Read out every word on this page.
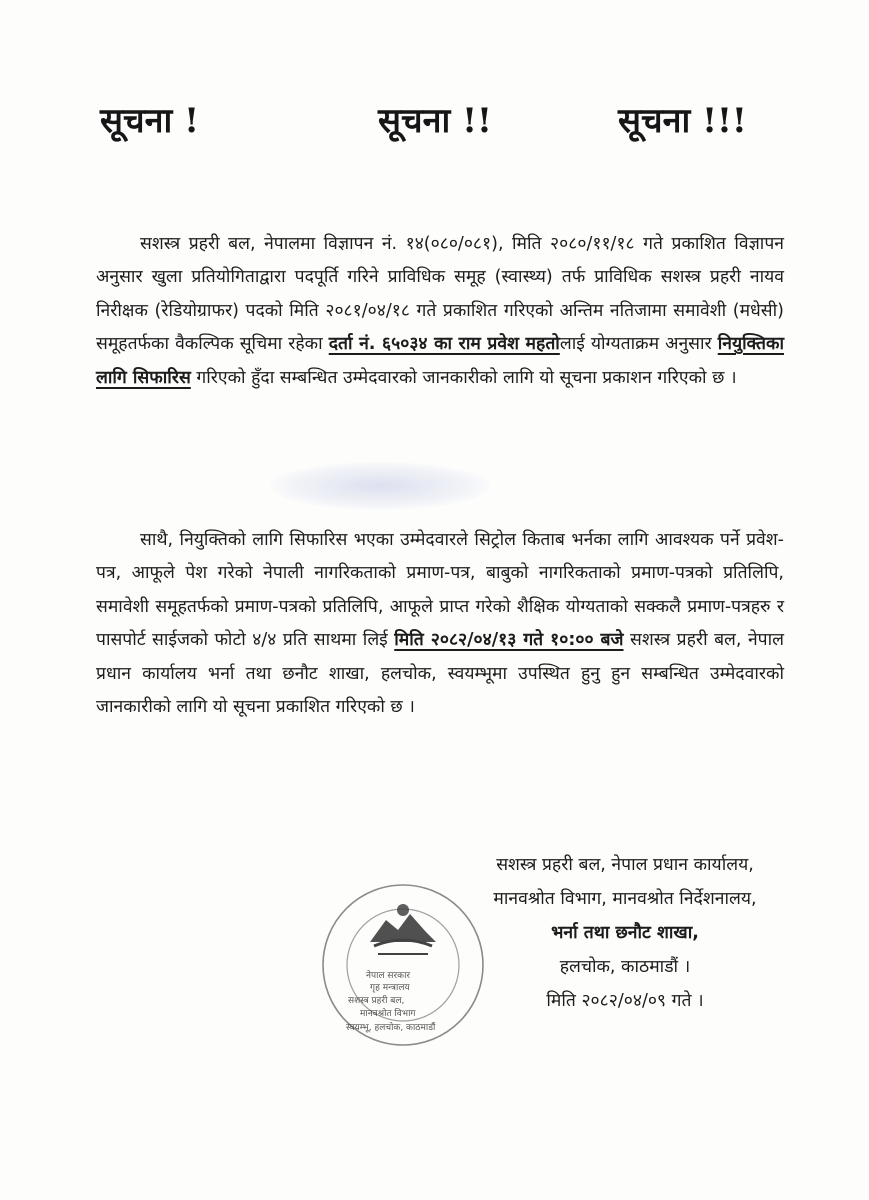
सूचना !	सूचना !!	सूचना !!!

सशस्त्र प्रहरी बल, नेपालमा विज्ञापन नं. १४(०८०/०८१), मिति २०८०/११/१८ गते प्रकाशित विज्ञापन अनुसार खुला प्रतियोगिताद्वारा पदपूर्ति गरिने प्राविधिक समूह (स्वास्थ्य) तर्फ प्राविधिक सशस्त्र प्रहरी नायव निरीक्षक (रेडियोग्राफर) पदको मिति २०८१/०४/१८ गते प्रकाशित गरिएको अन्तिम नतिजामा समावेशी (मधेसी) समूहतर्फका वैकल्पिक सूचिमा रहेका दर्ता नं. ६५०३४ का राम प्रवेश महतोलाई योग्यताक्रम अनुसार नियुक्तिका लागि सिफारिस गरिएको हुँदा सम्बन्धित उम्मेदवारको जानकारीको लागि यो सूचना प्रकाशन गरिएको छ ।

साथै, नियुक्तिको लागि सिफारिस भएका उम्मेदवारले सिट्रोल किताब भर्नका लागि आवश्यक पर्ने प्रवेश-पत्र, आफूले पेश गरेको नेपाली नागरिकताको प्रमाण-पत्र, बाबुको नागरिकताको प्रमाण-पत्रको प्रतिलिपि, समावेशी समूहतर्फको प्रमाण-पत्रको प्रतिलिपि, आफूले प्राप्त गरेको शैक्षिक योग्यताको सक्कलै प्रमाण-पत्रहरु र पासपोर्ट साईजको फोटो ४/४ प्रति साथमा लिई मिति २०८२/०४/१३ गते १०:०० बजे सशस्त्र प्रहरी बल, नेपाल प्रधान कार्यालय भर्ना तथा छनौट शाखा, हलचोक, स्वयम्भूमा उपस्थित हुनु हुन सम्बन्धित उम्मेदवारको जानकारीको लागि यो सूचना प्रकाशित गरिएको छ ।

सशस्त्र प्रहरी बल, नेपाल प्रधान कार्यालय,
मानवश्रोत विभाग, मानवश्रोत निर्देशनालय,
भर्ना तथा छनौट शाखा,
हलचोक, काठमाडौं ।
मिति २०८२/०४/०९ गते ।
नेपाल सरकार
गृह मन्त्रालय
सशस्त्र प्रहरी बल,
मानवश्रोत विभाग
स्वयम्भू, हलचोक, काठमाडौं
